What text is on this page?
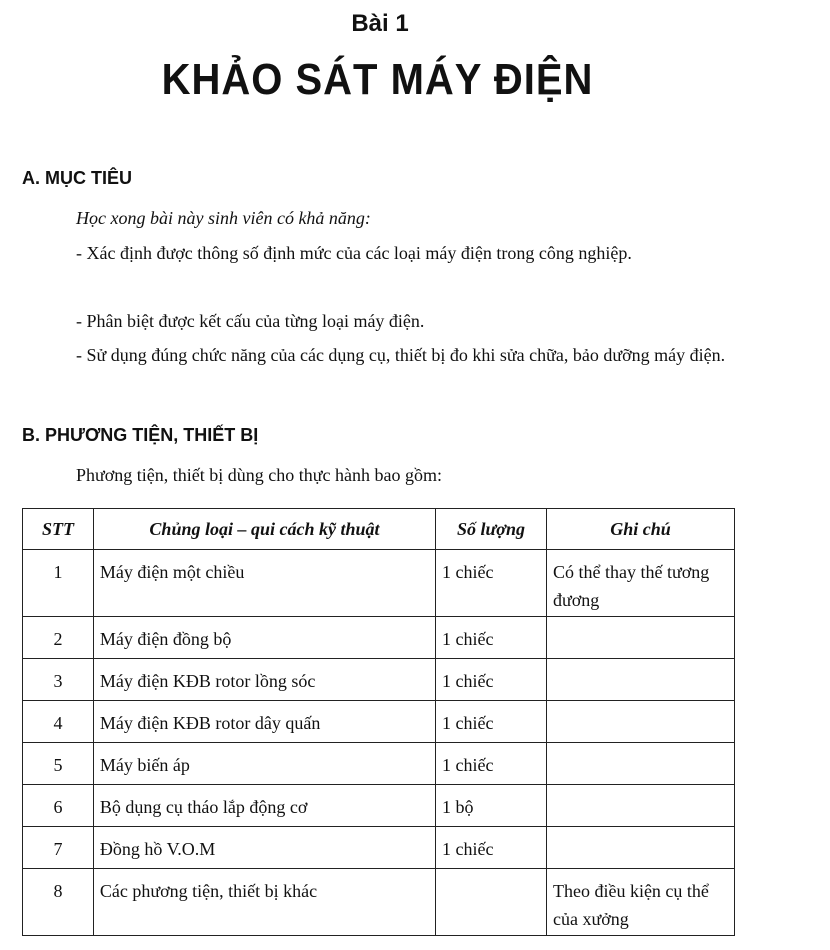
Bài 1
KHẢO SÁT MÁY ĐIỆN
A. MỤC TIÊU
Học xong bài này sinh viên có khả năng:
- Xác định được thông số định mức của các loại máy điện trong công nghiệp.
- Phân biệt được kết cấu của từng loại máy điện.
- Sử dụng đúng chức năng của các dụng cụ, thiết bị đo khi sửa chữa, bảo dưỡng máy điện.
B. PHƯƠNG TIỆN, THIẾT BỊ
Phương tiện, thiết bị dùng cho thực hành bao gồm:
STT	Chủng loại – qui cách kỹ thuật	Số lượng	Ghi chú
1	Máy điện một chiều	1 chiếc	Có thể thay thế tương đương
2	Máy điện đồng bộ	1 chiếc	
3	Máy điện KĐB rotor lồng sóc	1 chiếc	
4	Máy điện KĐB rotor dây quấn	1 chiếc	
5	Máy biến áp	1 chiếc	
6	Bộ dụng cụ tháo lắp động cơ	1 bộ	
7	Đồng hồ V.O.M	1 chiếc	
8	Các phương tiện, thiết bị khác		Theo điều kiện cụ thể của xưởng
